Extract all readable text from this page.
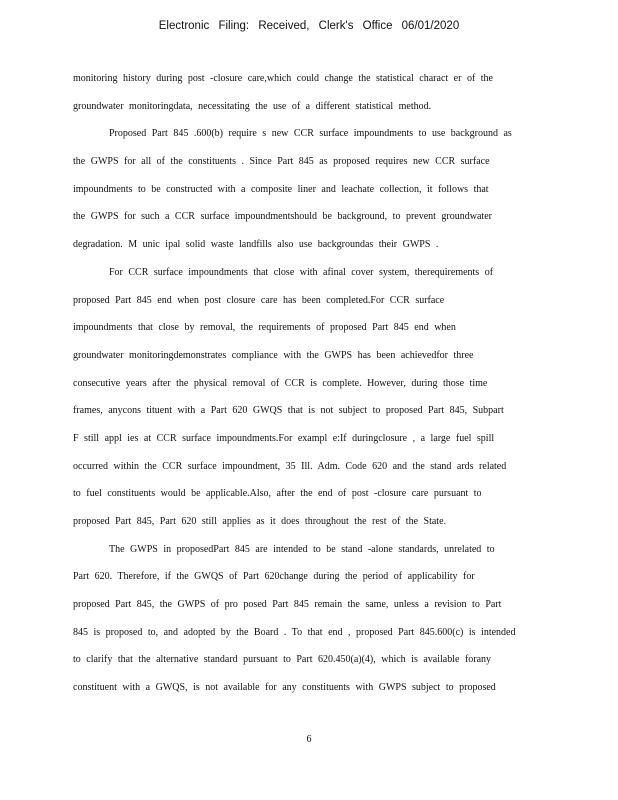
Electronic Filing: Received, Clerk's Office 06/01/2020
monitoring history during post -closure care,which could change the statistical charact er of the
groundwater monitoringdata, necessitating the use of a different statistical method.
Proposed Part 845 .600(b) require s new CCR surface impoundments to use background as
the GWPS for all of the constituents . Since Part 845 as proposed requires new CCR surface
impoundments to be constructed with a composite liner and leachate collection, it follows that
the GWPS for such a CCR surface impoundmentshould be background, to prevent groundwater
degradation. M unic ipal solid waste landfills also use backgroundas their GWPS .
For CCR surface impoundments that close with afinal cover system, therequirements of
proposed Part 845 end when post closure care has been completed.For CCR surface
impoundments that close by removal, the requirements of proposed Part 845 end when
groundwater monitoringdemonstrates compliance with the GWPS has been achievedfor three
consecutive years after the physical removal of CCR is complete. However, during those time
frames, anycons tituent with a Part 620 GWQS that is not subject to proposed Part 845, Subpart
F still appl ies at CCR surface impoundments.For exampl e:If duringclosure , a large fuel spill
occurred within the CCR surface impoundment, 35 Ill. Adm. Code 620 and the stand ards related
to fuel constituents would be applicable.Also, after the end of post -closure care pursuant to
proposed Part 845, Part 620 still applies as it does throughout the rest of the State.
The GWPS in proposedPart 845 are intended to be stand -alone standards, unrelated to
Part 620. Therefore, if the GWQS of Part 620change during the period of applicability for
proposed Part 845, the GWPS of pro posed Part 845 remain the same, unless a revision to Part
845 is proposed to, and adopted by the Board . To that end , proposed Part 845.600(c) is intended
to clarify that the alternative standard pursuant to Part 620.450(a)(4), which is available forany
constituent with a GWQS, is not available for any constituents with GWPS subject to proposed
6
